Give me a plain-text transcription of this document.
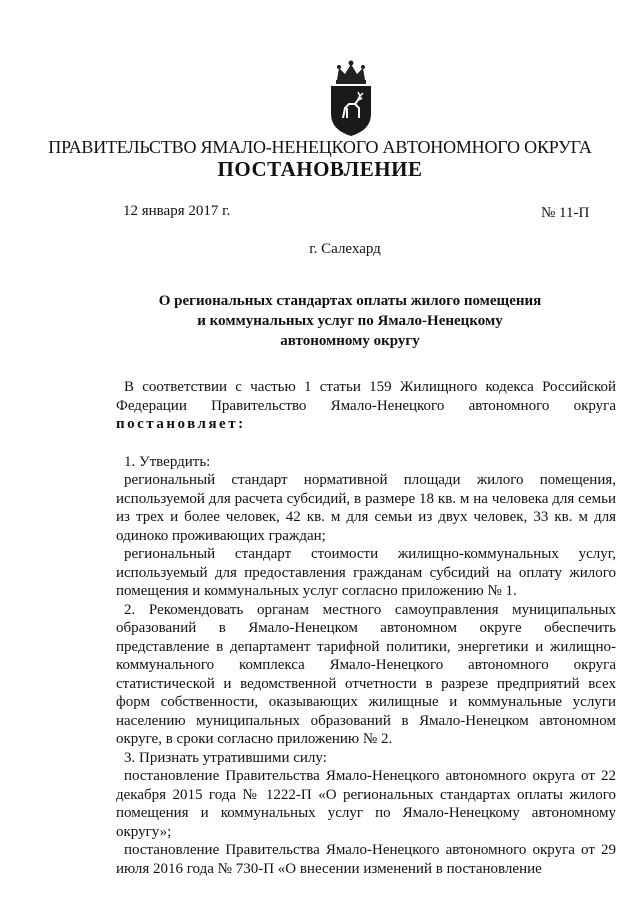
ПРАВИТЕЛЬСТВО ЯМАЛО-НЕНЕЦКОГО АВТОНОМНОГО ОКРУГА
ПОСТАНОВЛЕНИЕ
12 января 2017 г.	№ 11-П
г. Салехард
О региональных стандартах оплаты жилого помещения
и коммунальных услуг по Ямало-Ненецкому
автономному округу

В соответствии с частью 1 статьи 159 Жилищного кодекса Российской Федерации Правительство Ямало-Ненецкого автономного округа постановляет:

1. Утвердить:

региональный стандарт нормативной площади жилого помещения, используемой для расчета субсидий, в размере 18 кв. м на человека для семьи из трех и более человек, 42 кв. м для семьи из двух человек, 33 кв. м для одиноко проживающих граждан;

региональный стандарт стоимости жилищно-коммунальных услуг, используемый для предоставления гражданам субсидий на оплату жилого помещения и коммунальных услуг согласно приложению № 1.

2. Рекомендовать органам местного самоуправления муниципальных образований в Ямало-Ненецком автономном округе обеспечить представление в департамент тарифной политики, энергетики и жилищно-коммунального комплекса Ямало-Ненецкого автономного округа статистической и ведомственной отчетности в разрезе предприятий всех форм собственности, оказывающих жилищные и коммунальные услуги населению муниципальных образований в Ямало-Ненецком автономном округе, в сроки согласно приложению № 2.

3. Признать утратившими силу:

постановление Правительства Ямало-Ненецкого автономного округа от 22 декабря 2015 года № 1222-П «О региональных стандартах оплаты жилого помещения и коммунальных услуг по Ямало-Ненецкому автономному округу»;

постановление Правительства Ямало-Ненецкого автономного округа от 29 июля 2016 года № 730-П «О внесении изменений в постановление
